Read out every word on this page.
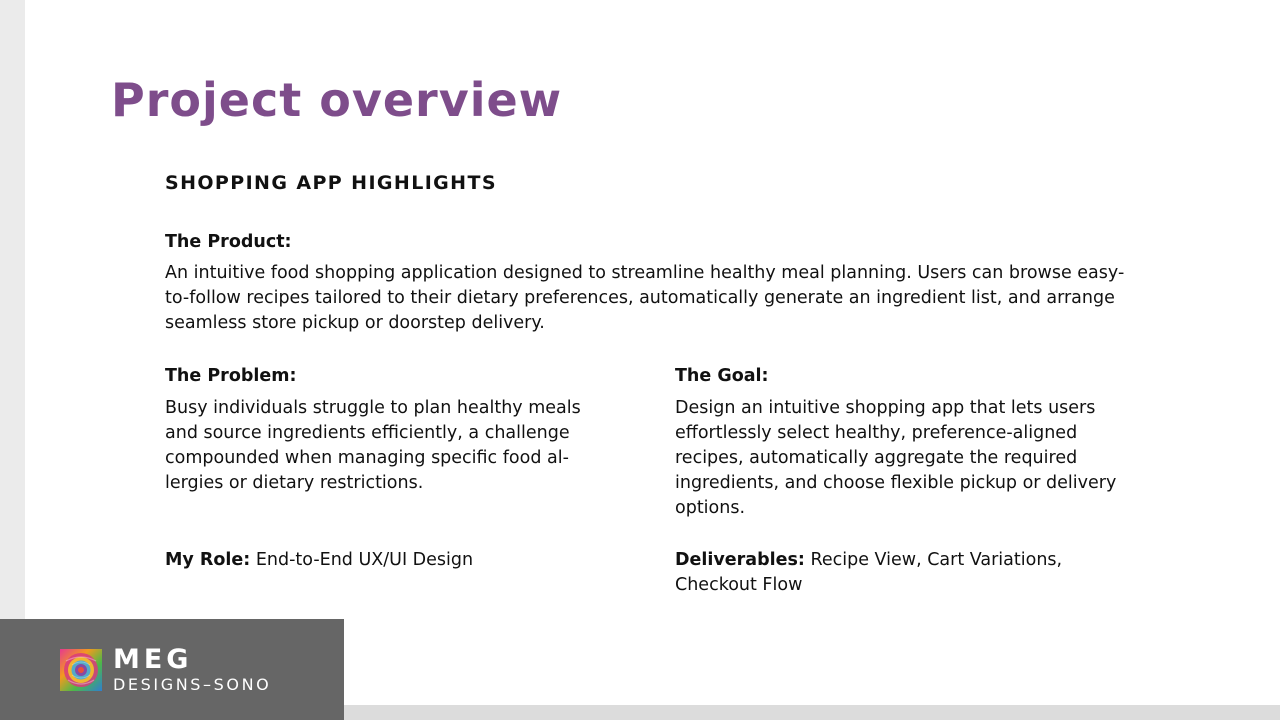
Project overview
SHOPPING APP HIGHLIGHTS
The Product:
An intuitive food shopping application designed to streamline healthy meal planning. Users can browse easy-to-follow recipes tailored to their dietary preferences, automatically generate an ingredient list, and arrange seamless store pickup or doorstep delivery.
The Problem:
Busy individuals struggle to plan healthy meals and source ingredients efficiently, a challenge compounded when managing specific food allergies or dietary restrictions.
The Goal:
Design an intuitive shopping app that lets users effortlessly select healthy, preference-aligned recipes, automatically aggregate the required ingredients, and choose flexible pickup or delivery options.
My Role: End-to-End UX/UI Design	Deliverables: Recipe View, Cart Variations, Checkout Flow
MEG
DESIGNS–SONO
